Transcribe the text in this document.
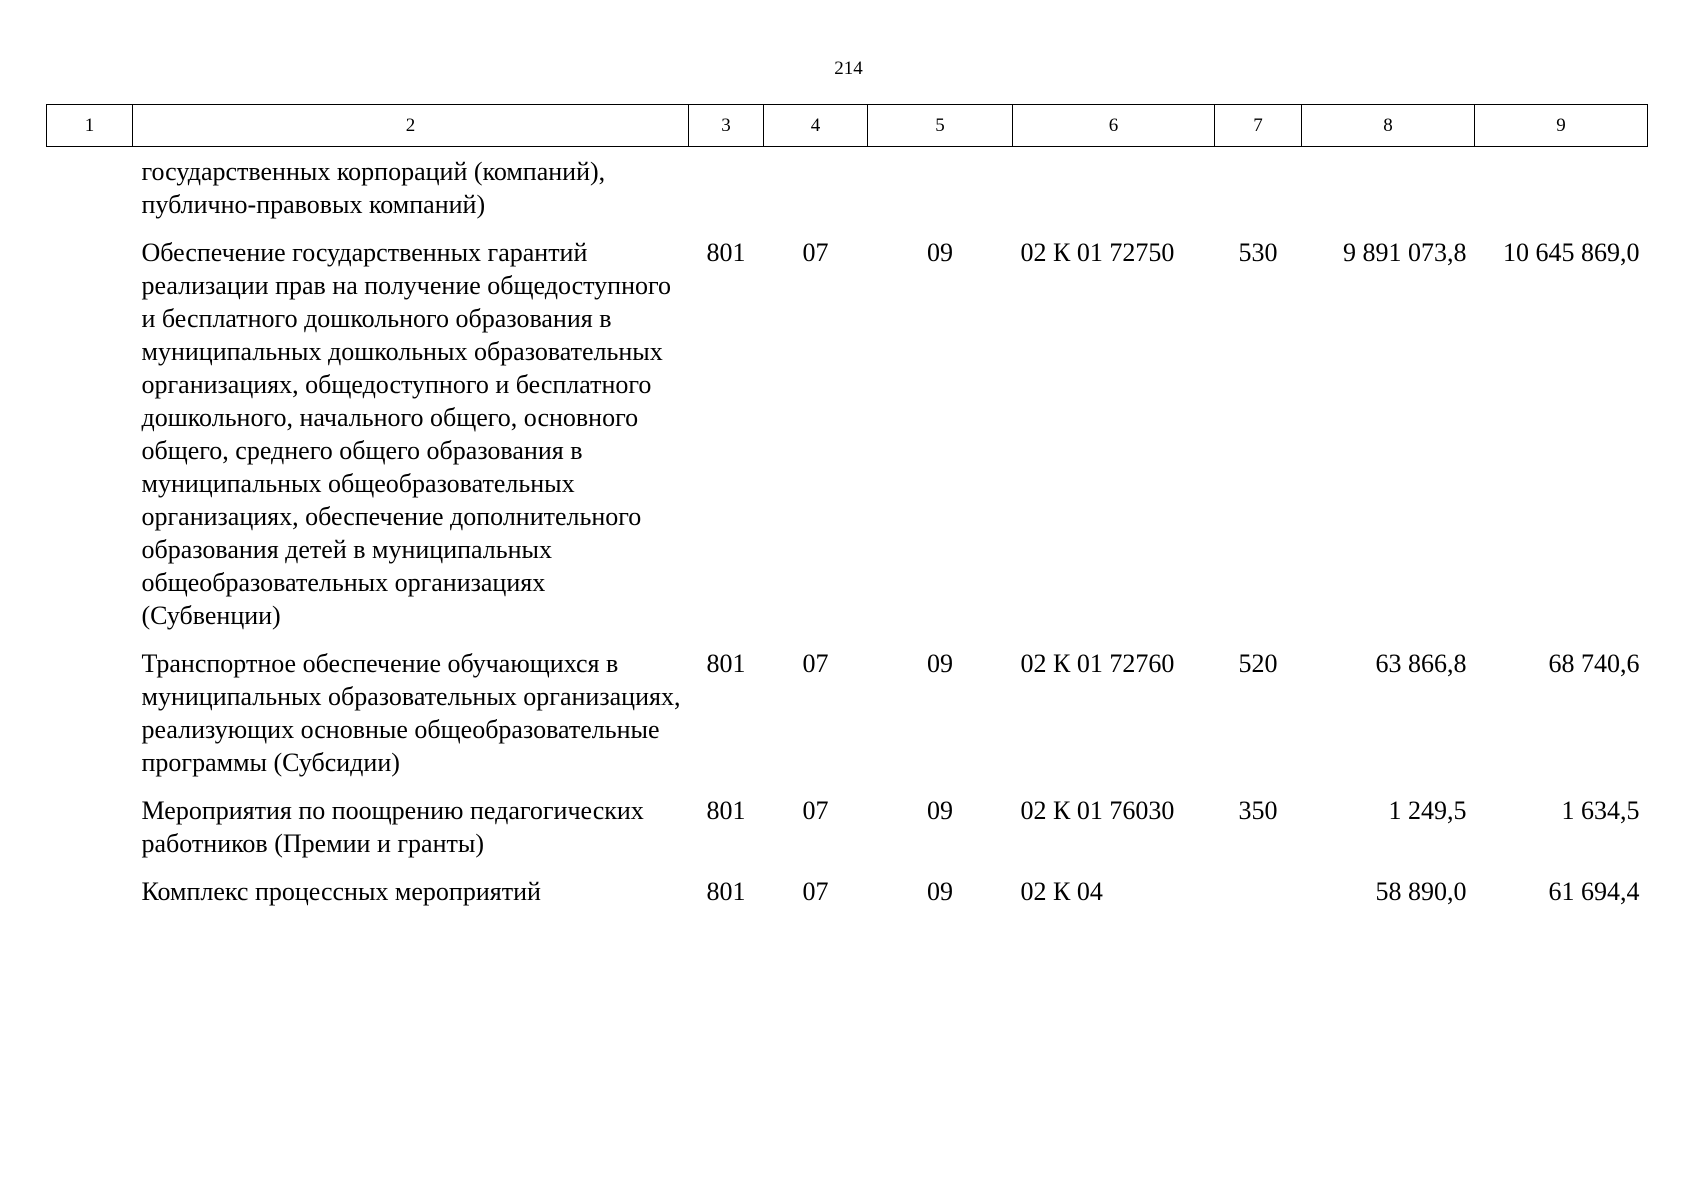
214
1	2	3	4	5	6	7	8	9
	государственных корпораций (компаний), публично-правовых компаний)							
	Обеспечение государственных гарантий реализации прав на получение общедоступного и бесплатного дошкольного образования в муниципальных дошкольных образовательных организациях, общедоступного и бесплатного дошкольного, начального общего, основного общего, среднего общего образования в муниципальных общеобразовательных организациях, обеспечение дополнительного образования детей в муниципальных общеобразовательных организациях (Субвенции)	801	07	09	02 К 01 72750	530	9 891 073,8	10 645 869,0
	Транспортное обеспечение обучающихся в муниципальных образовательных организациях, реализующих основные общеобразовательные программы (Субсидии)	801	07	09	02 К 01 72760	520	63 866,8	68 740,6
	Мероприятия по поощрению педагогических работников (Премии и гранты)	801	07	09	02 К 01 76030	350	1 249,5	1 634,5
	Комплекс процессных мероприятий	801	07	09	02 К 04		58 890,0	61 694,4
